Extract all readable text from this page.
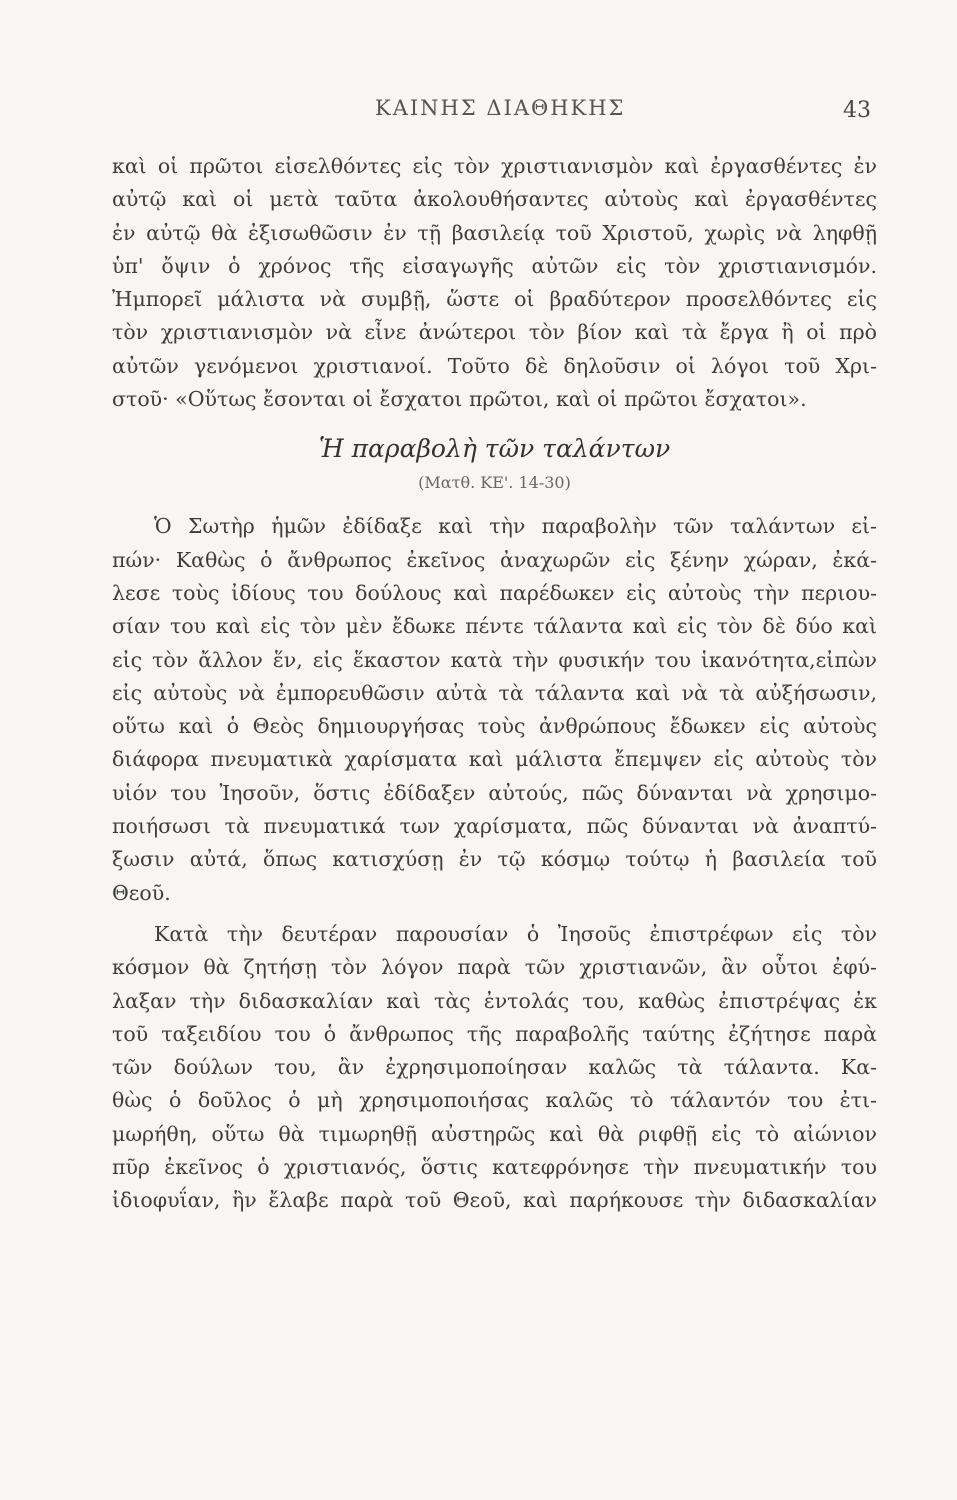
ΚΑΙΝΗΣ ΔΙΑΘΗΚΗΣ	43
καὶ οἱ πρῶτοι εἰσελθόντες εἰς τὸν χριστιανισμὸν καὶ ἐργασθέντες ἐν
αὐτῷ καὶ οἱ μετὰ ταῦτα ἀκολουθήσαντες αὐτοὺς καὶ ἐργασθέντες
ἐν αὐτῷ θὰ ἐξισωθῶσιν ἐν τῇ βασιλείᾳ τοῦ Χριστοῦ, χωρὶς νὰ ληφθῇ
ὑπ' ὄψιν ὁ χρόνος τῆς εἰσαγωγῆς αὐτῶν εἰς τὸν χριστιανισμόν.
Ἠμπορεῖ μάλιστα νὰ συμβῇ, ὥστε οἱ βραδύτερον προσελθόντες εἰς
τὸν χριστιανισμὸν νὰ εἶνε ἀνώτεροι τὸν βίον καὶ τὰ ἔργα ἢ οἱ πρὸ
αὐτῶν γενόμενοι χριστιανοί. Τοῦτο δὲ δηλοῦσιν οἱ λόγοι τοῦ Χρι-
στοῦ· «Οὕτως ἔσονται οἱ ἔσχατοι πρῶτοι, καὶ οἱ πρῶτοι ἔσχατοι».
Ἡ παραβολὴ τῶν ταλάντων
(Ματθ. ΚΕ'. 14-30)
Ὁ Σωτὴρ ἡμῶν ἐδίδαξε καὶ τὴν παραβολὴν τῶν ταλάντων εἰ-
πών· Καθὼς ὁ ἄνθρωπος ἐκεῖνος ἀναχωρῶν εἰς ξένην χώραν, ἐκά-
λεσε τοὺς ἰδίους του δούλους καὶ παρέδωκεν εἰς αὐτοὺς τὴν περιου-
σίαν του καὶ εἰς τὸν μὲν ἔδωκε πέντε τάλαντα καὶ εἰς τὸν δὲ δύο καὶ
εἰς τὸν ἄλλον ἕν, εἰς ἕκαστον κατὰ τὴν φυσικήν του ἱκανότητα,εἰπὼν
εἰς αὐτοὺς νὰ ἐμπορευθῶσιν αὐτὰ τὰ τάλαντα καὶ νὰ τὰ αὐξήσωσιν,
οὕτω καὶ ὁ Θεὸς δημιουργήσας τοὺς ἀνθρώπους ἔδωκεν εἰς αὐτοὺς
διάφορα πνευματικὰ χαρίσματα καὶ μάλιστα ἔπεμψεν εἰς αὐτοὺς τὸν
υἱόν του Ἰησοῦν, ὅστις ἐδίδαξεν αὐτούς, πῶς δύνανται νὰ χρησιμο-
ποιήσωσι τὰ πνευματικά των χαρίσματα, πῶς δύνανται νὰ ἀναπτύ-
ξωσιν αὐτά, ὅπως κατισχύσῃ ἐν τῷ κόσμῳ τούτῳ ἡ βασιλεία τοῦ
Θεοῦ.
Κατὰ τὴν δευτέραν παρουσίαν ὁ Ἰησοῦς ἐπιστρέφων εἰς τὸν
κόσμον θὰ ζητήσῃ τὸν λόγον παρὰ τῶν χριστιανῶν, ἂν οὗτοι ἐφύ-
λαξαν τὴν διδασκαλίαν καὶ τὰς ἐντολάς του, καθὼς ἐπιστρέψας ἐκ
τοῦ ταξειδίου του ὁ ἄνθρωπος τῆς παραβολῆς ταύτης ἐζήτησε παρὰ
τῶν δούλων του, ἂν ἐχρησιμοποίησαν καλῶς τὰ τάλαντα. Κα-
θὼς ὁ δοῦλος ὁ μὴ χρησιμοποιήσας καλῶς τὸ τάλαντόν του ἐτι-
μωρήθη, οὕτω θὰ τιμωρηθῇ αὐστηρῶς καὶ θὰ ριφθῇ εἰς τὸ αἰώνιον
πῦρ ἐκεῖνος ὁ χριστιανός, ὅστις κατεφρόνησε τὴν πνευματικήν του
ἰδιοφυΐαν, ἣν ἔλαβε παρὰ τοῦ Θεοῦ, καὶ παρήκουσε τὴν διδασκαλίαν
